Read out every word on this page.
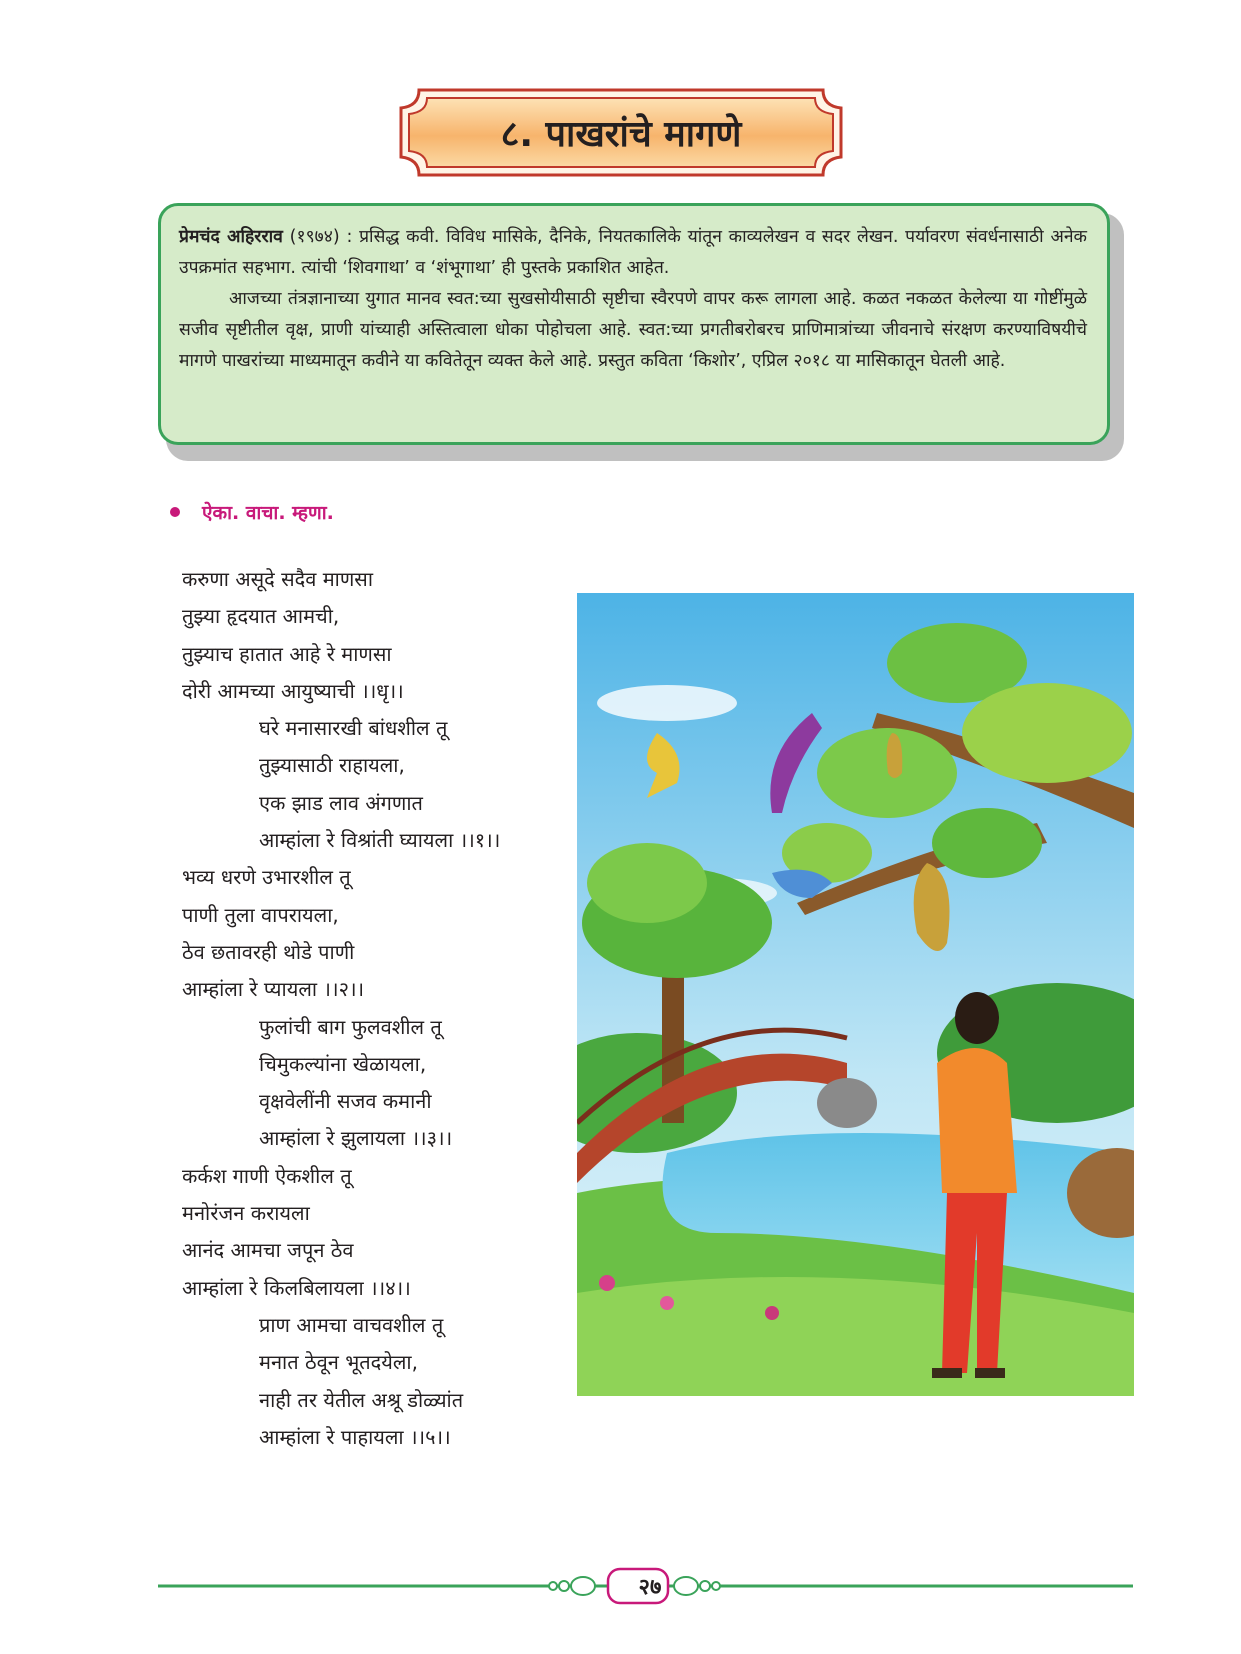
८. पाखरांचे मागणे

प्रेमचंद अहिरराव (१९७४) : प्रसिद्ध कवी. विविध मासिके, दैनिके, नियतकालिके यांतून काव्यलेखन व सदर लेखन. पर्यावरण संवर्धनासाठी अनेक उपक्रमांत सहभाग. त्यांची ‘शिवगाथा’ व ‘शंभूगाथा’ ही पुस्तके प्रकाशित आहेत.

आजच्या तंत्रज्ञानाच्या युगात मानव स्वत:च्या सुखसोयीसाठी सृष्टीचा स्वैरपणे वापर करू लागला आहे. कळत नकळत केलेल्या या गोष्टींमुळे सजीव सृष्टीतील वृक्ष, प्राणी यांच्याही अस्तित्वाला धोका पोहोचला आहे. स्वत:च्या प्रगतीबरोबरच प्राणिमात्रांच्या जीवनाचे संरक्षण करण्याविषयीचे मागणे पाखरांच्या माध्यमातून कवीने या कवितेतून व्यक्त केले आहे. प्रस्तुत कविता ‘किशोर’, एप्रिल २०१८ या मासिकातून घेतली आहे.

ऐका. वाचा. म्हणा.
करुणा असूदे सदैव माणसा
तुझ्या हृदयात आमची,
तुझ्याच हातात आहे रे माणसा
दोरी आमच्या आयुष्याची ।।धृ।।
घरे मनासारखी बांधशील तू
तुझ्यासाठी राहायला,
एक झाड लाव अंगणात
आम्हांला रे विश्रांती घ्यायला ।।१।।
भव्य धरणे उभारशील तू
पाणी तुला वापरायला,
ठेव छतावरही थोडे पाणी
आम्हांला रे प्यायला ।।२।।
फुलांची बाग फुलवशील तू
चिमुकल्यांना खेळायला,
वृक्षवेलींनी सजव कमानी
आम्हांला रे झुलायला ।।३।।
कर्कश गाणी ऐकशील तू
मनोरंजन करायला
आनंद आमचा जपून ठेव
आम्हांला रे किलबिलायला ।।४।।
प्राण आमचा वाचवशील तू
मनात ठेवून भूतदयेला,
नाही तर येतील अश्रू डोळ्यांत
आम्हांला रे पाहायला ।।५।।
२७
